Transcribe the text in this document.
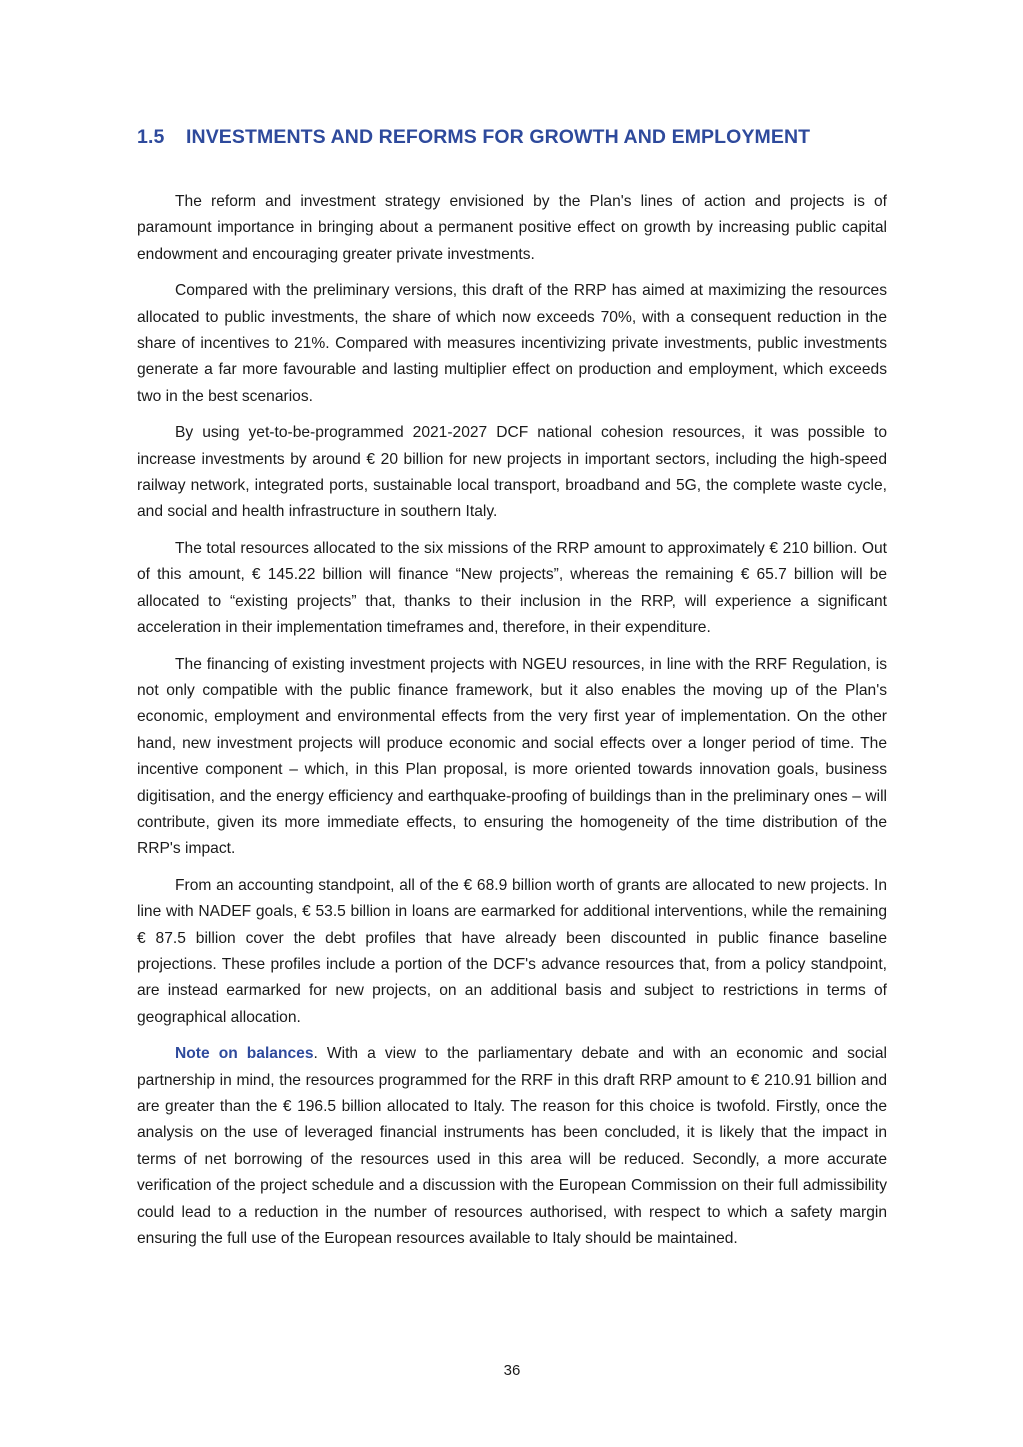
1.5 INVESTMENTS AND REFORMS FOR GROWTH AND EMPLOYMENT

The reform and investment strategy envisioned by the Plan's lines of action and projects is of paramount importance in bringing about a permanent positive effect on growth by increasing public capital endowment and encouraging greater private investments.

Compared with the preliminary versions, this draft of the RRP has aimed at maximizing the resources allocated to public investments, the share of which now exceeds 70%, with a consequent reduction in the share of incentives to 21%. Compared with measures incentivizing private investments, public investments generate a far more favourable and lasting multiplier effect on production and employment, which exceeds two in the best scenarios.

By using yet-to-be-programmed 2021-2027 DCF national cohesion resources, it was possible to increase investments by around € 20 billion for new projects in important sectors, including the high-speed railway network, integrated ports, sustainable local transport, broadband and 5G, the complete waste cycle, and social and health infrastructure in southern Italy.

The total resources allocated to the six missions of the RRP amount to approximately € 210 billion. Out of this amount, € 145.22 billion will finance “New projects”, whereas the remaining € 65.7 billion will be allocated to “existing projects” that, thanks to their inclusion in the RRP, will experience a significant acceleration in their implementation timeframes and, therefore, in their expenditure.

The financing of existing investment projects with NGEU resources, in line with the RRF Regulation, is not only compatible with the public finance framework, but it also enables the moving up of the Plan's economic, employment and environmental effects from the very first year of implementation. On the other hand, new investment projects will produce economic and social effects over a longer period of time. The incentive component – which, in this Plan proposal, is more oriented towards innovation goals, business digitisation, and the energy efficiency and earthquake-proofing of buildings than in the preliminary ones – will contribute, given its more immediate effects, to ensuring the homogeneity of the time distribution of the RRP's impact.

From an accounting standpoint, all of the € 68.9 billion worth of grants are allocated to new projects. In line with NADEF goals, € 53.5 billion in loans are earmarked for additional interventions, while the remaining € 87.5 billion cover the debt profiles that have already been discounted in public finance baseline projections. These profiles include a portion of the DCF's advance resources that, from a policy standpoint, are instead earmarked for new projects, on an additional basis and subject to restrictions in terms of geographical allocation.

Note on balances. With a view to the parliamentary debate and with an economic and social partnership in mind, the resources programmed for the RRF in this draft RRP amount to € 210.91 billion and are greater than the € 196.5 billion allocated to Italy. The reason for this choice is twofold. Firstly, once the analysis on the use of leveraged financial instruments has been concluded, it is likely that the impact in terms of net borrowing of the resources used in this area will be reduced. Secondly, a more accurate verification of the project schedule and a discussion with the European Commission on their full admissibility could lead to a reduction in the number of resources authorised, with respect to which a safety margin ensuring the full use of the European resources available to Italy should be maintained.

36
